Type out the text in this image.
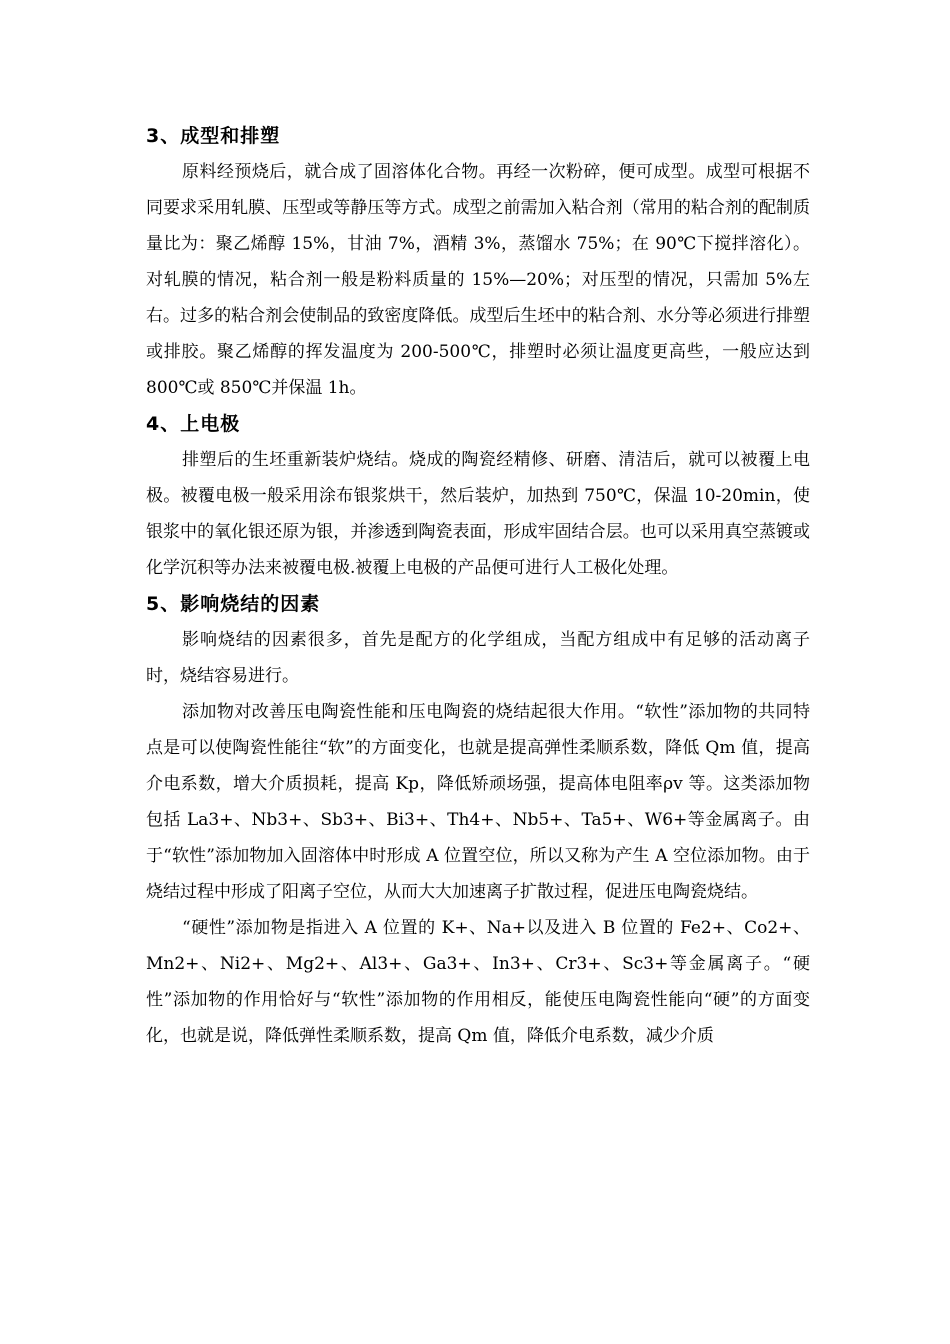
3、成型和排塑

原料经预烧后，就合成了固溶体化合物。再经一次粉碎，便可成型。成型可根据不同要求采用轧膜、压型或等静压等方式。成型之前需加入粘合剂（常用的粘合剂的配制质量比为：聚乙烯醇 15%，甘油 7%，酒精 3%，蒸馏水 75%；在 90℃下搅拌溶化）。对轧膜的情况，粘合剂一般是粉料质量的 15%—20%；对压型的情况，只需加 5%左右。过多的粘合剂会使制品的致密度降低。成型后生坯中的粘合剂、水分等必须进行排塑或排胶。聚乙烯醇的挥发温度为 200-500℃，排塑时必须让温度更高些，一般应达到 800℃或 850℃并保温 1h。

4、上电极

排塑后的生坯重新装炉烧结。烧成的陶瓷经精修、研磨、清洁后，就可以被覆上电极。被覆电极一般采用涂布银浆烘干，然后装炉，加热到 750℃，保温 10-20min，使银浆中的氧化银还原为银，并渗透到陶瓷表面，形成牢固结合层。也可以采用真空蒸镀或化学沉积等办法来被覆电极.被覆上电极的产品便可进行人工极化处理。

5、影响烧结的因素

影响烧结的因素很多，首先是配方的化学组成，当配方组成中有足够的活动离子时，烧结容易进行。

添加物对改善压电陶瓷性能和压电陶瓷的烧结起很大作用。“软性”添加物的共同特点是可以使陶瓷性能往“软”的方面变化，也就是提高弹性柔顺系数，降低 Qm 值，提高介电系数，增大介质损耗，提高 Kp，降低矫顽场强，提高体电阻率ρv 等。这类添加物包括 La3+、Nb3+、Sb3+、Bi3+、Th4+、Nb5+、Ta5+、W6+等金属离子。由于“软性”添加物加入固溶体中时形成 A 位置空位，所以又称为产生 A 空位添加物。由于烧结过程中形成了阳离子空位，从而大大加速离子扩散过程，促进压电陶瓷烧结。

“硬性”添加物是指进入 A 位置的 K+、Na+以及进入 B 位置的 Fe2+、Co2+、Mn2+、Ni2+、Mg2+、Al3+、Ga3+、In3+、Cr3+、Sc3+等金属离子。“硬性”添加物的作用恰好与“软性”添加物的作用相反，能使压电陶瓷性能向“硬”的方面变化，也就是说，降低弹性柔顺系数，提高 Qm 值，降低介电系数，减少介质
